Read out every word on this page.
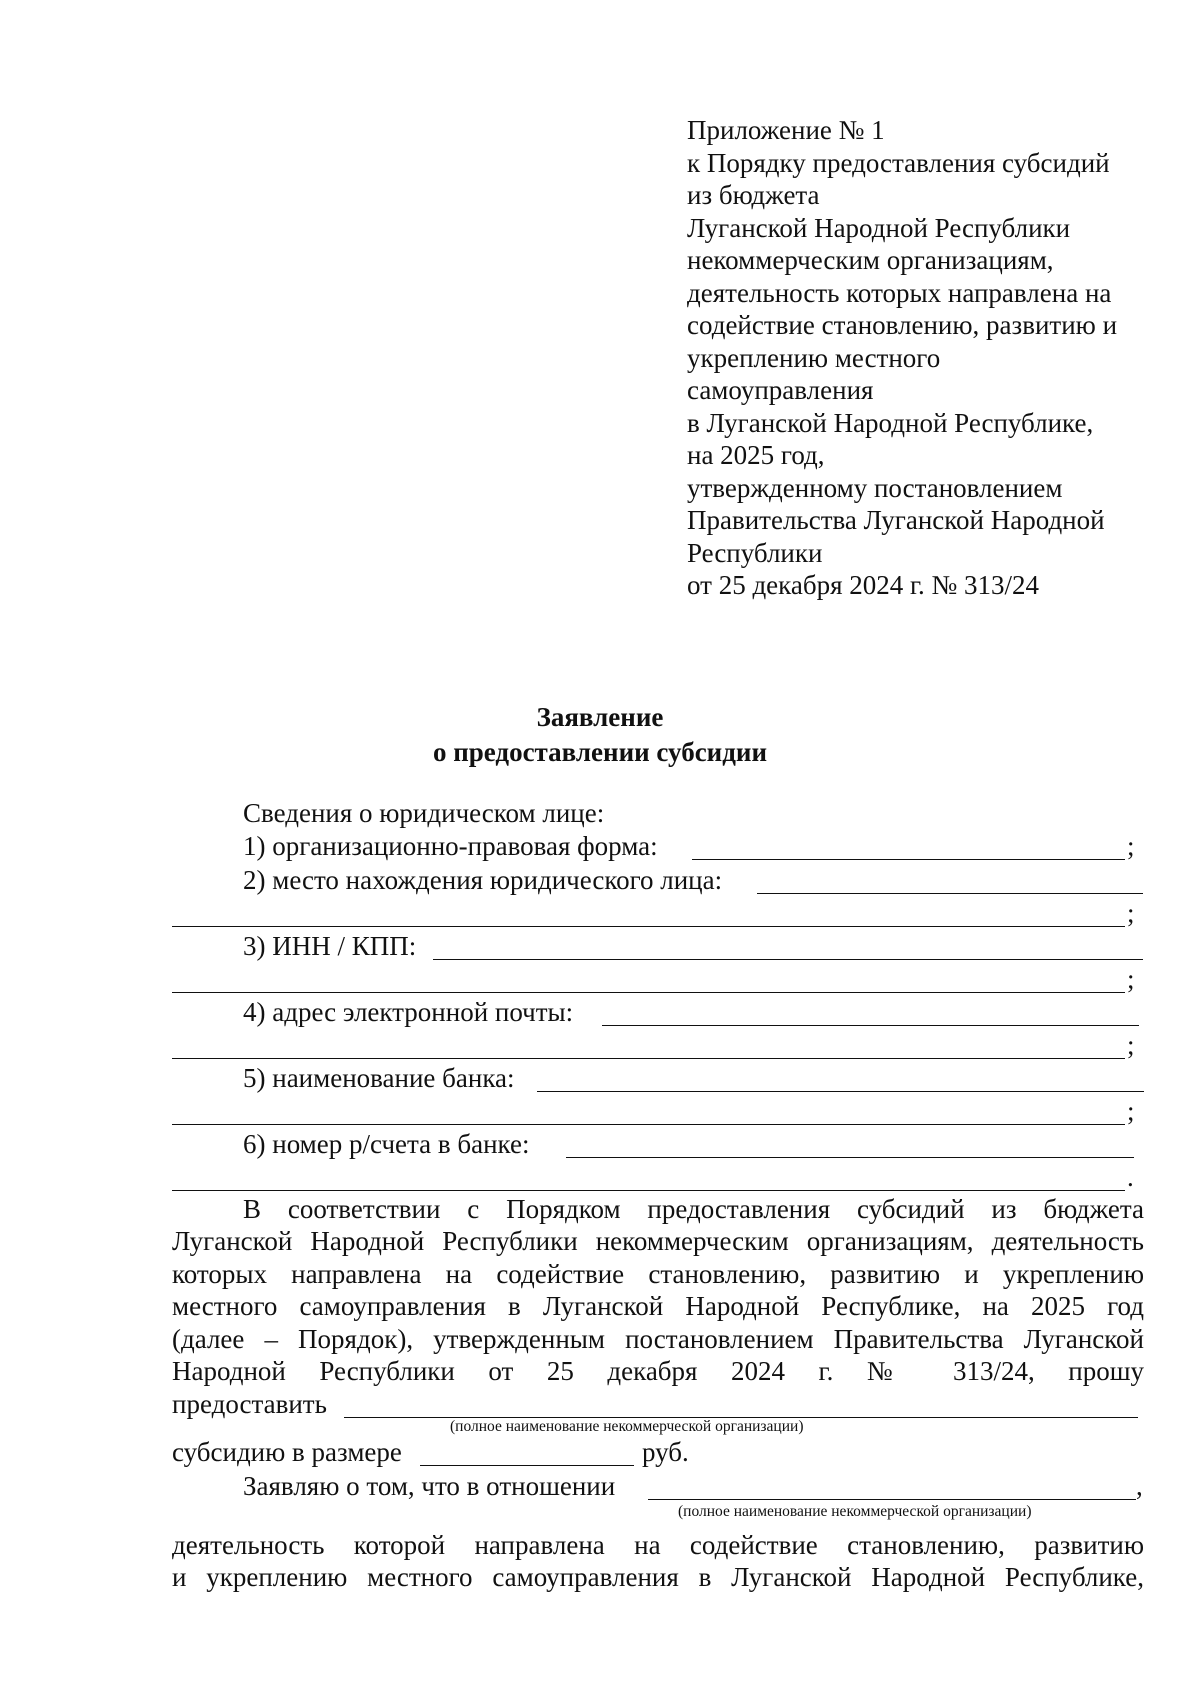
Приложение № 1
к Порядку предоставления субсидий
из бюджета
Луганской Народной Республики
некоммерческим организациям,
деятельность которых направлена на
содействие становлению, развитию и
укреплению местного
самоуправления
в Луганской Народной Республике,
на 2025 год,
утвержденному постановлением
Правительства Луганской Народной
Республики
от 25 декабря 2024 г. № 313/24
Заявление
о предоставлении субсидии
Сведения о юридическом лице:
1) организационно-правовая форма:	;
2) место нахождения юридического лица:
;
3) ИНН / КПП:
;
4) адрес электронной почты:
;
5) наименование банка:
;
6) номер р/счета в банке:
.
В соответствии с Порядком предоставления субсидий из бюджета
Луганской Народной Республики некоммерческим организациям, деятельность
которых направлена на содействие становлению, развитию и укреплению
местного самоуправления в Луганской Народной Республике, на 2025 год
(далее – Порядок), утвержденным постановлением Правительства Луганской
Народной Республики от 25 декабря 2024 г. № 313/24, прошу
предоставить
(полное наименование некоммерческой организации)
субсидию в размере	руб.
Заявляю о том, что в отношении	,
(полное наименование некоммерческой организации)
деятельность которой направлена на содействие становлению, развитию
и укреплению местного самоуправления в Луганской Народной Республике,
